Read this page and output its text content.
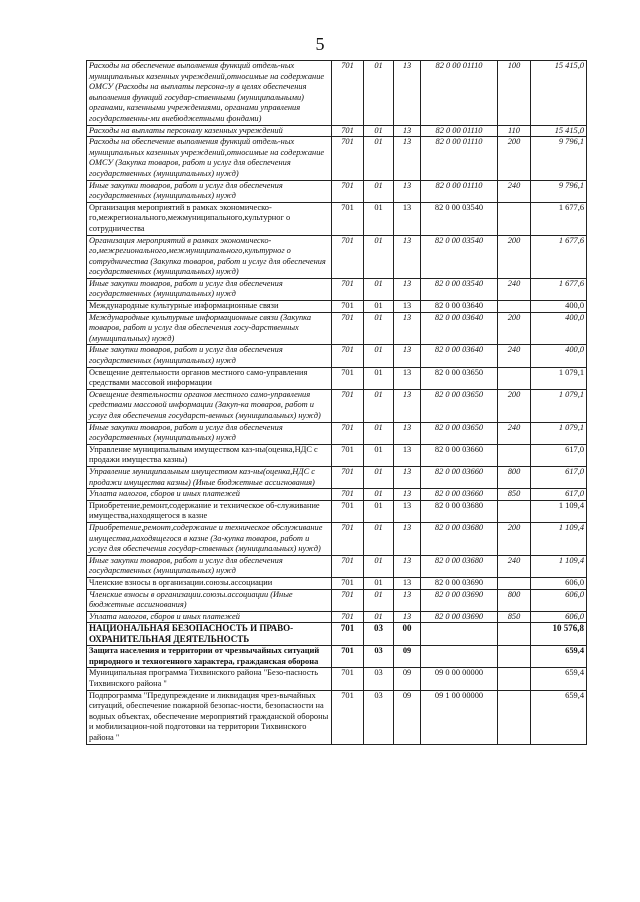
5
Расходы на обеспечение выполнения функций отдель-ных муниципальных казенных учреждений,относимые на содержание ОМСУ (Расходы на выплаты персона-лу в целях обеспечения выполнения функций государ-ственными (муниципальными) органами, казенными учреждениями, органами управления государственны-ми внебюджетными фондами)	701	01	13	82 0 00 01110	100	15 415,0
Расходы на выплаты персоналу казенных учреждений	701	01	13	82 0 00 01110	110	15 415,0
Расходы на обеспечение выполнения функций отдель-ных муниципальных казенных учреждений,относимые на содержание ОМСУ (Закупка товаров, работ и услуг для обеспечения государственных (муниципальных) нужд)	701	01	13	82 0 00 01110	200	9 796,1
Иные закупки товаров, работ и услуг для обеспечения государственных (муниципальных) нужд	701	01	13	82 0 00 01110	240	9 796,1
Организация мероприятий в рамках экономическо-го,межрегионального,межмуниципального,культурног о сотрудничества	701	01	13	82 0 00 03540		1 677,6
Организация мероприятий в рамках экономическо-го,межрегионального,межмуниципального,культурног о сотрудничества (Закупка товаров, работ и услуг для обеспечения государственных (муниципальных) нужд)	701	01	13	82 0 00 03540	200	1 677,6
Иные закупки товаров, работ и услуг для обеспечения государственных (муниципальных) нужд	701	01	13	82 0 00 03540	240	1 677,6
Международные культурные информационные связи	701	01	13	82 0 00 03640		400,0
Международные культурные информационные связи (Закупка товаров, работ и услуг для обеспечения госу-дарственных (муниципальных) нужд)	701	01	13	82 0 00 03640	200	400,0
Иные закупки товаров, работ и услуг для обеспечения государственных (муниципальных) нужд	701	01	13	82 0 00 03640	240	400,0
Освещение деятельности органов местного само-управления средствами массовой информации	701	01	13	82 0 00 03650		1 079,1
Освещение деятельности органов местного само-управления средствами массовой информации (Закуп-ка товаров, работ и услуг для обеспечения государст-венных (муниципальных) нужд)	701	01	13	82 0 00 03650	200	1 079,1
Иные закупки товаров, работ и услуг для обеспечения государственных (муниципальных) нужд	701	01	13	82 0 00 03650	240	1 079,1
Управление муниципальным имуществом каз-ны(оценка,НДС с продажи имущества казны)	701	01	13	82 0 00 03660		617,0
Управление муниципальным имуществом каз-ны(оценка,НДС с продажи имущества казны) (Иные бюджетные ассигнования)	701	01	13	82 0 00 03660	800	617,0
Уплата налогов, сборов и иных платежей	701	01	13	82 0 00 03660	850	617,0
Приобретение,ремонт,содержание и техническое об-служивание имущества,находящегося в казне	701	01	13	82 0 00 03680		1 109,4
Приобретение,ремонт,содержание и техническое обслуживание имущества,находящегося в казне (За-купка товаров, работ и услуг для обеспечения государ-ственных (муниципальных) нужд)	701	01	13	82 0 00 03680	200	1 109,4
Иные закупки товаров, работ и услуг для обеспечения государственных (муниципальных) нужд	701	01	13	82 0 00 03680	240	1 109,4
Членские взносы в организации.союзы.ассоциации	701	01	13	82 0 00 03690		606,0
Членские взносы в организации.союзы.ассоциации (Иные бюджетные ассигнования)	701	01	13	82 0 00 03690	800	606,0
Уплата налогов, сборов и иных платежей	701	01	13	82 0 00 03690	850	606,0
НАЦИОНАЛЬНАЯ БЕЗОПАСНОСТЬ И ПРАВО-ОХРАНИТЕЛЬНАЯ ДЕЯТЕЛЬНОСТЬ	701	03	00			10 576,8
Защита населения и территории от чрезвычайных ситуаций природного и техногенного характера, гражданская оборона	701	03	09			659,4
Муниципальная программа Тихвинского района "Безо-пасность Тихвинского района "	701	03	09	09 0 00 00000		659,4
Подпрограмма "Предупреждение и ликвидация чрез-вычайных ситуаций, обеспечение пожарной безопас-ности, безопасности на водных объектах, обеспечение мероприятий гражданской обороны и мобилизацион-ной подготовки на территории Тихвинского района "	701	03	09	09 1 00 00000		659,4
